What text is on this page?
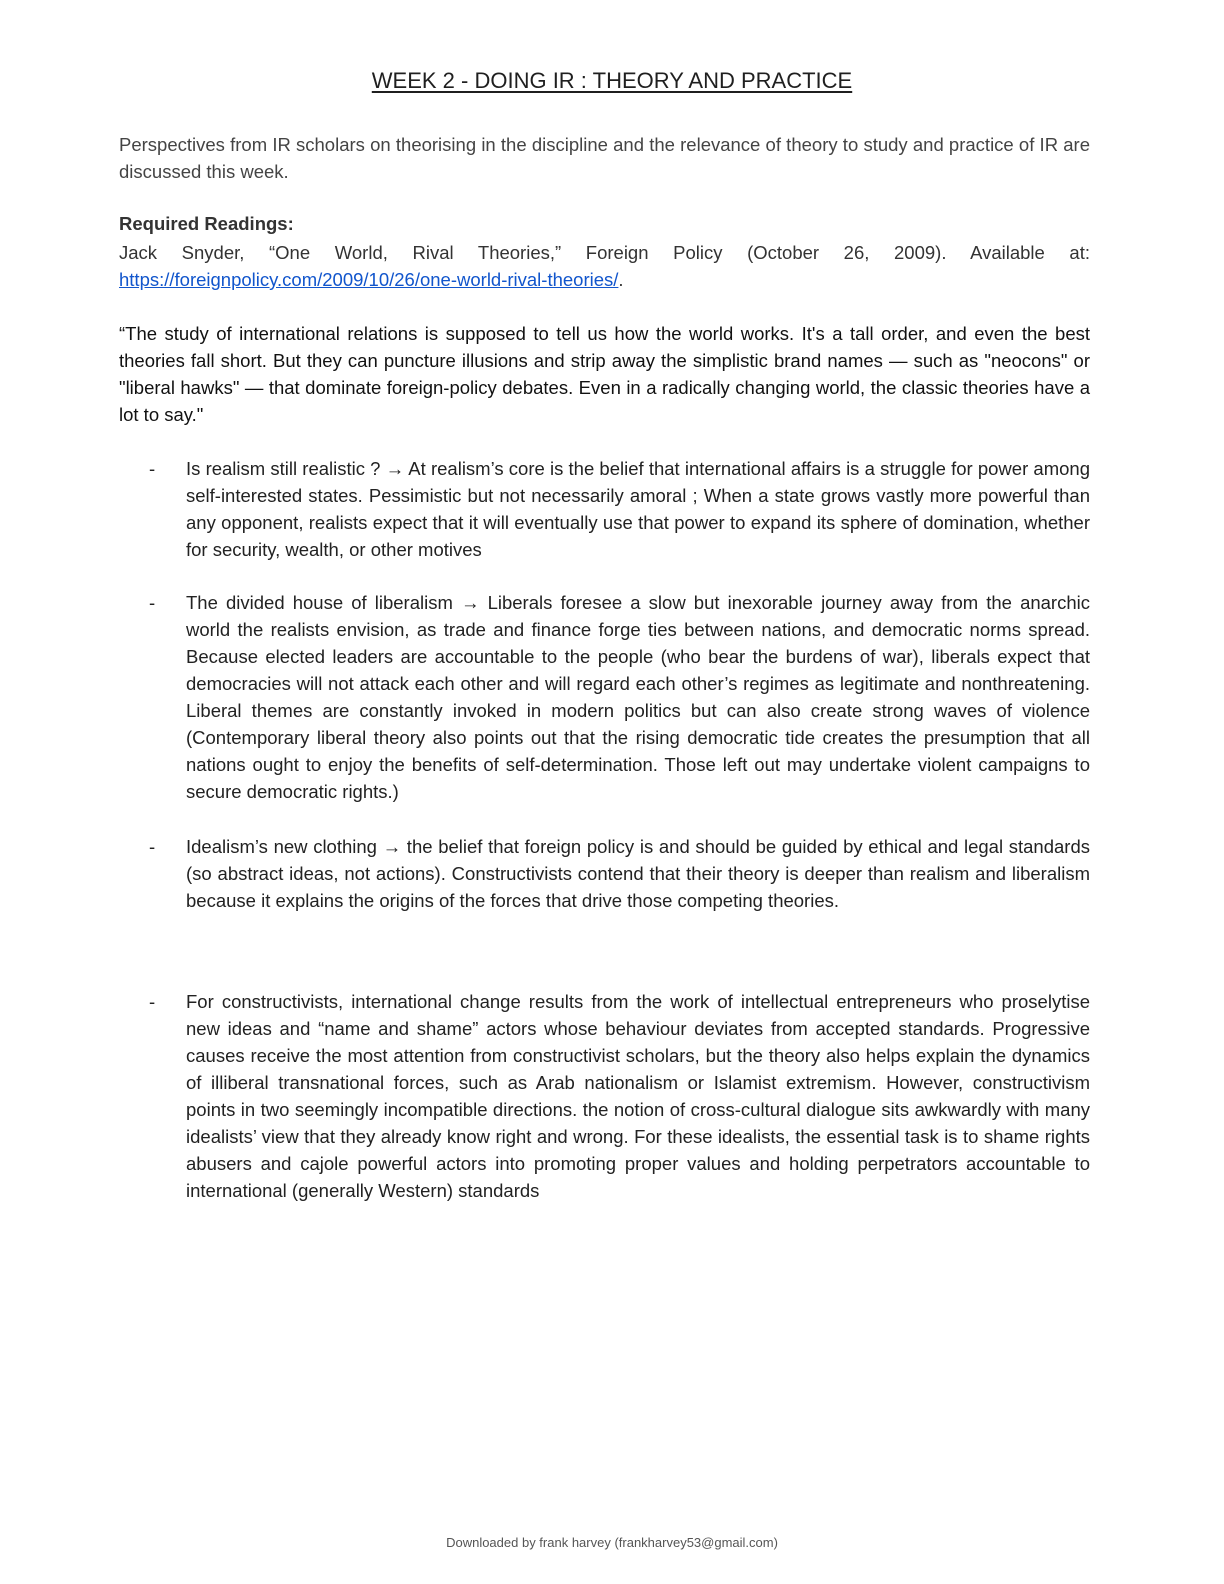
WEEK 2 - DOING IR : THEORY AND PRACTICE
Perspectives from IR scholars on theorising in the discipline and the relevance of theory to study and practice of IR are discussed this week.
Required Readings:
Jack Snyder, “One World, Rival Theories,” Foreign Policy (October 26, 2009). Available at: https://foreignpolicy.com/2009/10/26/one-world-rival-theories/.
“The study of international relations is supposed to tell us how the world works. It's a tall order, and even the best theories fall short. But they can puncture illusions and strip away the simplistic brand names — such as "neocons" or "liberal hawks" — that dominate foreign-policy debates. Even in a radically changing world, the classic theories have a lot to say."
-	Is realism still realistic ? → At realism’s core is the belief that international affairs is a struggle for power among self-interested states. Pessimistic but not necessarily amoral ; When a state grows vastly more powerful than any opponent, realists expect that it will eventually use that power to expand its sphere of domination, whether for security, wealth, or other motives
-	The divided house of liberalism → Liberals foresee a slow but inexorable journey away from the anarchic world the realists envision, as trade and finance forge ties between nations, and democratic norms spread. Because elected leaders are accountable to the people (who bear the burdens of war), liberals expect that democracies will not attack each other and will regard each other’s regimes as legitimate and nonthreatening. Liberal themes are constantly invoked in modern politics but can also create strong waves of violence (Contemporary liberal theory also points out that the rising democratic tide creates the presumption that all nations ought to enjoy the benefits of self-determination. Those left out may undertake violent campaigns to secure democratic rights.)
-	Idealism’s new clothing → the belief that foreign policy is and should be guided by ethical and legal standards (so abstract ideas, not actions). Constructivists contend that their theory is deeper than realism and liberalism because it explains the origins of the forces that drive those competing theories.
-	For constructivists, international change results from the work of intellectual entrepreneurs who proselytise new ideas and “name and shame” actors whose behaviour deviates from accepted standards. Progressive causes receive the most attention from constructivist scholars, but the theory also helps explain the dynamics of illiberal transnational forces, such as Arab nationalism or Islamist extremism. However, constructivism points in two seemingly incompatible directions. the notion of cross-cultural dialogue sits awkwardly with many idealists’ view that they already know right and wrong. For these idealists, the essential task is to shame rights abusers and cajole powerful actors into promoting proper values and holding perpetrators accountable to international (generally Western) standards
Downloaded by frank harvey (frankharvey53@gmail.com)
